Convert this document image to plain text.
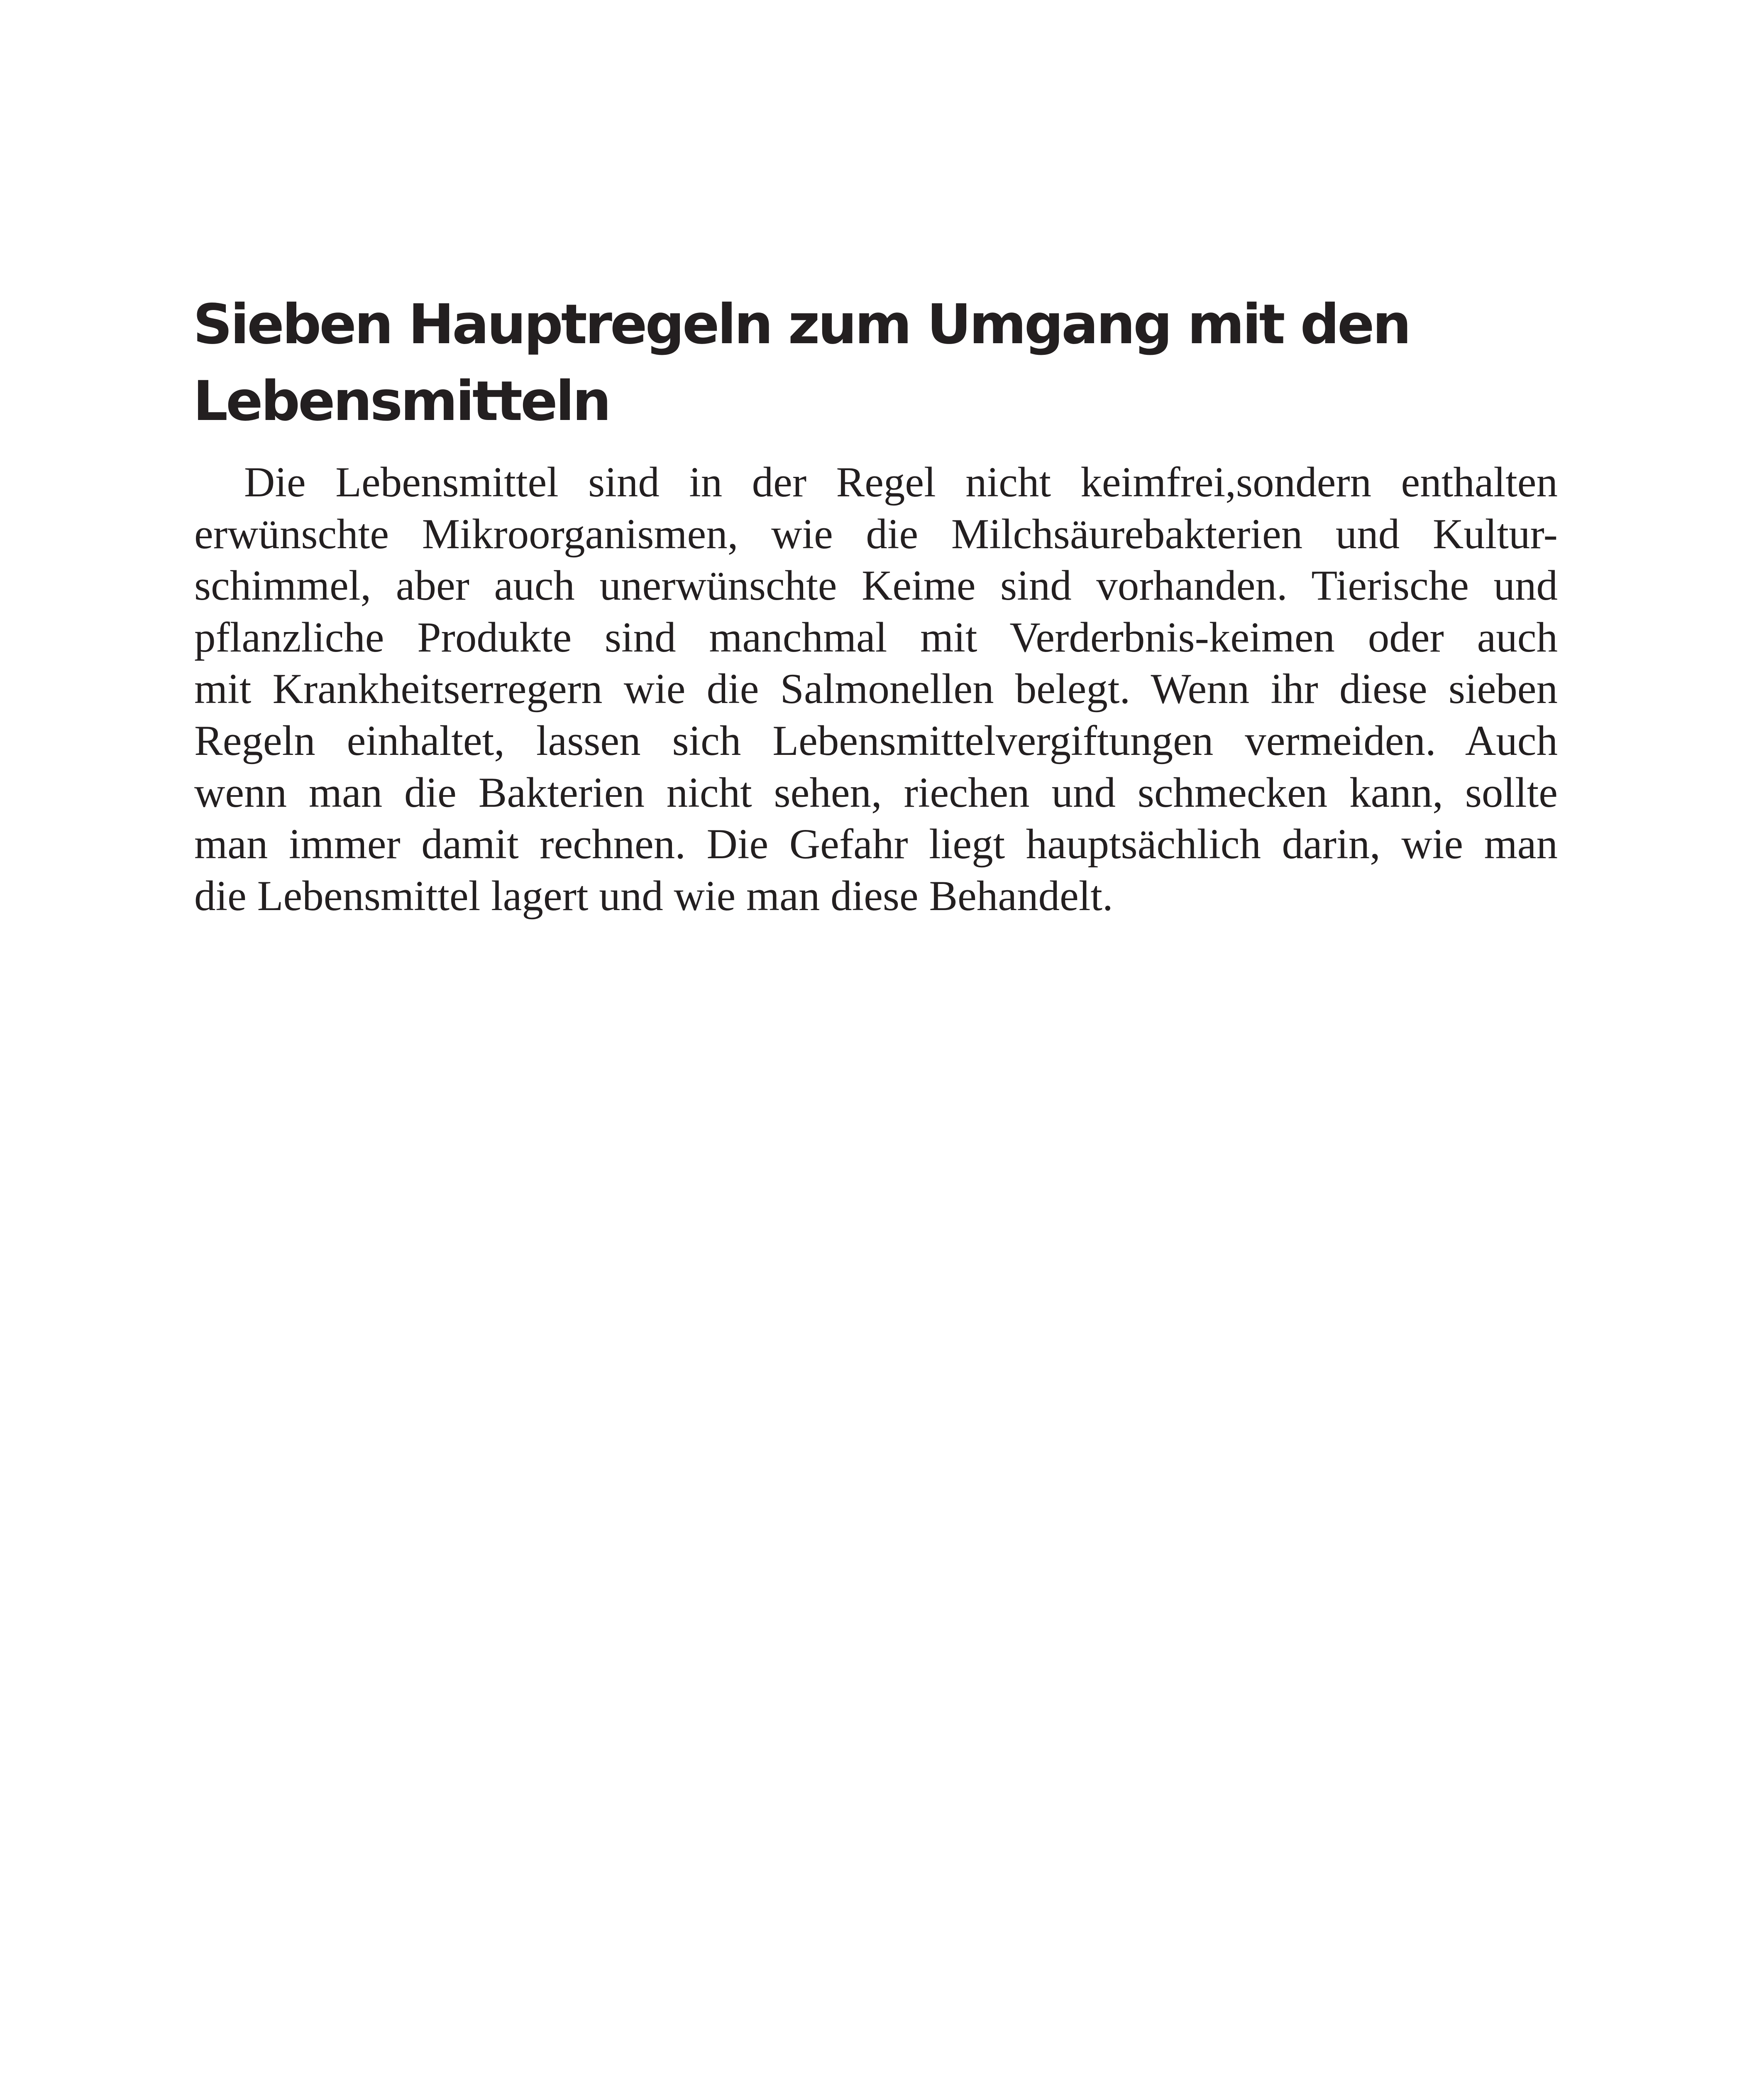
Sieben Hauptregeln zum Umgang mit den
Lebensmitteln
Die Lebensmittel sind in der Regel nicht keimfrei,sondern enthalten
erwünschte Mikroorganismen, wie die Milchsäurebakterien und Kultur-
schimmel, aber auch unerwünschte Keime sind vorhanden. Tierische und
pflanzliche Produkte sind manchmal mit Verderbnis-keimen oder auch
mit Krankheitserregern wie die Salmonellen belegt. Wenn ihr diese sieben
Regeln einhaltet, lassen sich Lebensmittelvergiftungen vermeiden. Auch
wenn man die Bakterien nicht sehen, riechen und schmecken kann, sollte
man immer damit rechnen. Die Gefahr liegt hauptsächlich darin, wie man
die Lebensmittel lagert und wie man diese Behandelt.
